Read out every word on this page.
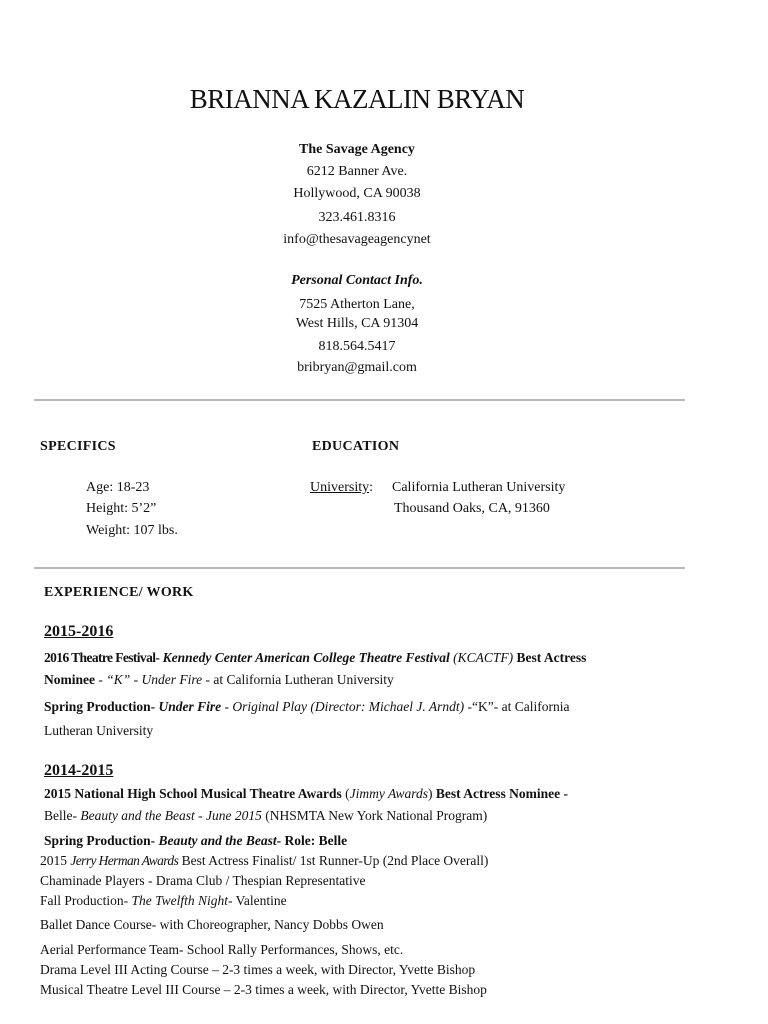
BRIANNA KAZALIN BRYAN
The Savage Agency
6212 Banner Ave.
Hollywood, CA 90038
323.461.8316
info@thesavageagencynet
Personal Contact Info.
7525 Atherton Lane,
West Hills, CA 91304
818.564.5417
bribryan@gmail.com
SPECIFICS	EDUCATION
Age: 18-23
Height: 5’2”
Weight: 107 lbs.
University: California Lutheran University
Thousand Oaks, CA, 91360
EXPERIENCE/ WORK
2015-2016
2016 Theatre Festival- Kennedy Center American College Theatre Festival (KCACTF) Best Actress
Nominee - “K” - Under Fire - at California Lutheran University
Spring Production- Under Fire - Original Play (Director: Michael J. Arndt) -“K”- at California
Lutheran University
2014-2015
2015 National High School Musical Theatre Awards (Jimmy Awards) Best Actress Nominee -
Belle- Beauty and the Beast - June 2015 (NHSMTA New York National Program)
Spring Production- Beauty and the Beast- Role: Belle
2015 Jerry Herman Awards Best Actress Finalist/ 1st Runner-Up (2nd Place Overall)
Chaminade Players - Drama Club / Thespian Representative
Fall Production- The Twelfth Night- Valentine
Ballet Dance Course- with Choreographer, Nancy Dobbs Owen
Aerial Performance Team- School Rally Performances, Shows, etc.
Drama Level III Acting Course – 2-3 times a week, with Director, Yvette Bishop
Musical Theatre Level III Course – 2-3 times a week, with Director, Yvette Bishop
